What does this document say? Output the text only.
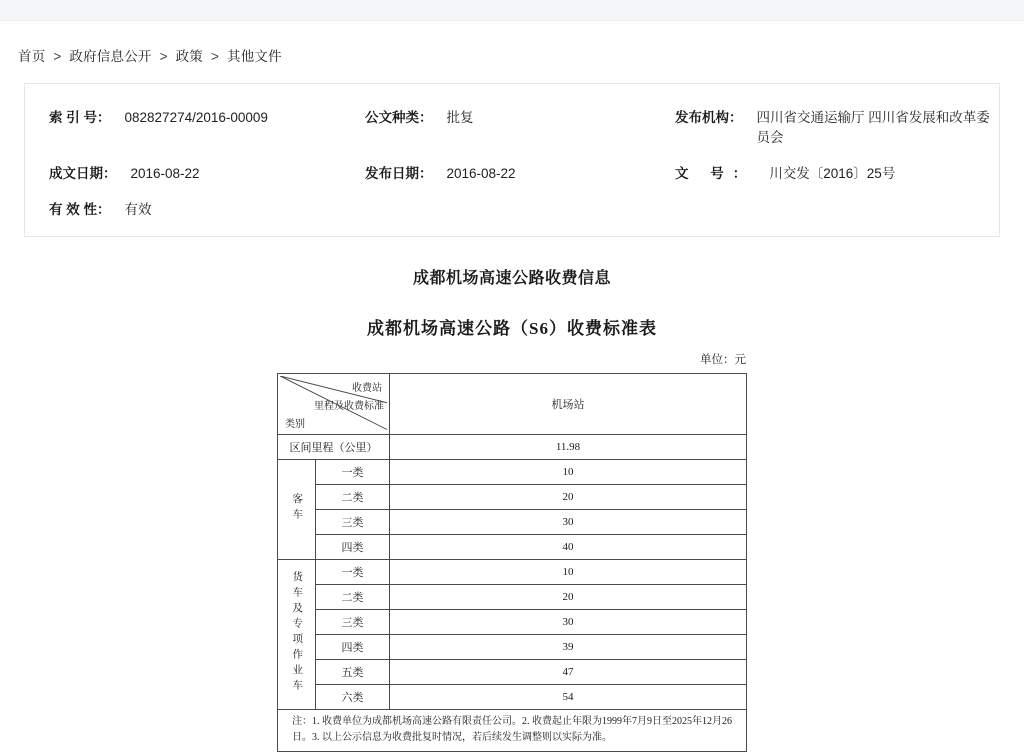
首页 > 政府信息公开 > 政策 > 其他文件
索 引 号： 082827274/2016-00009	公文种类： 批复	发布机构： 四川省交通运输厅 四川省发展和改革委员会
成文日期： 2016-08-22	发布日期： 2016-08-22	文 号： 川交发〔2016〕25号
有 效 性： 有效
成都机场高速公路收费信息
成都机场高速公路（S6）收费标准表
单位：元
收费站
里程及收费标准
类别		机场站
区间里程（公里）		11.98
客车	一类	10
	二类	20
	三类	30
	四类	40
货车及专项作业车	一类	10
	二类	20
	三类	30
	四类	39
	五类	47
	六类	54
注：1. 收费单位为成都机场高速公路有限责任公司。2. 收费起止年限为1999年7月9日至2025年12月26日。3. 以上公示信息为收费批复时情况，若后续发生调整则以实际为准。		
